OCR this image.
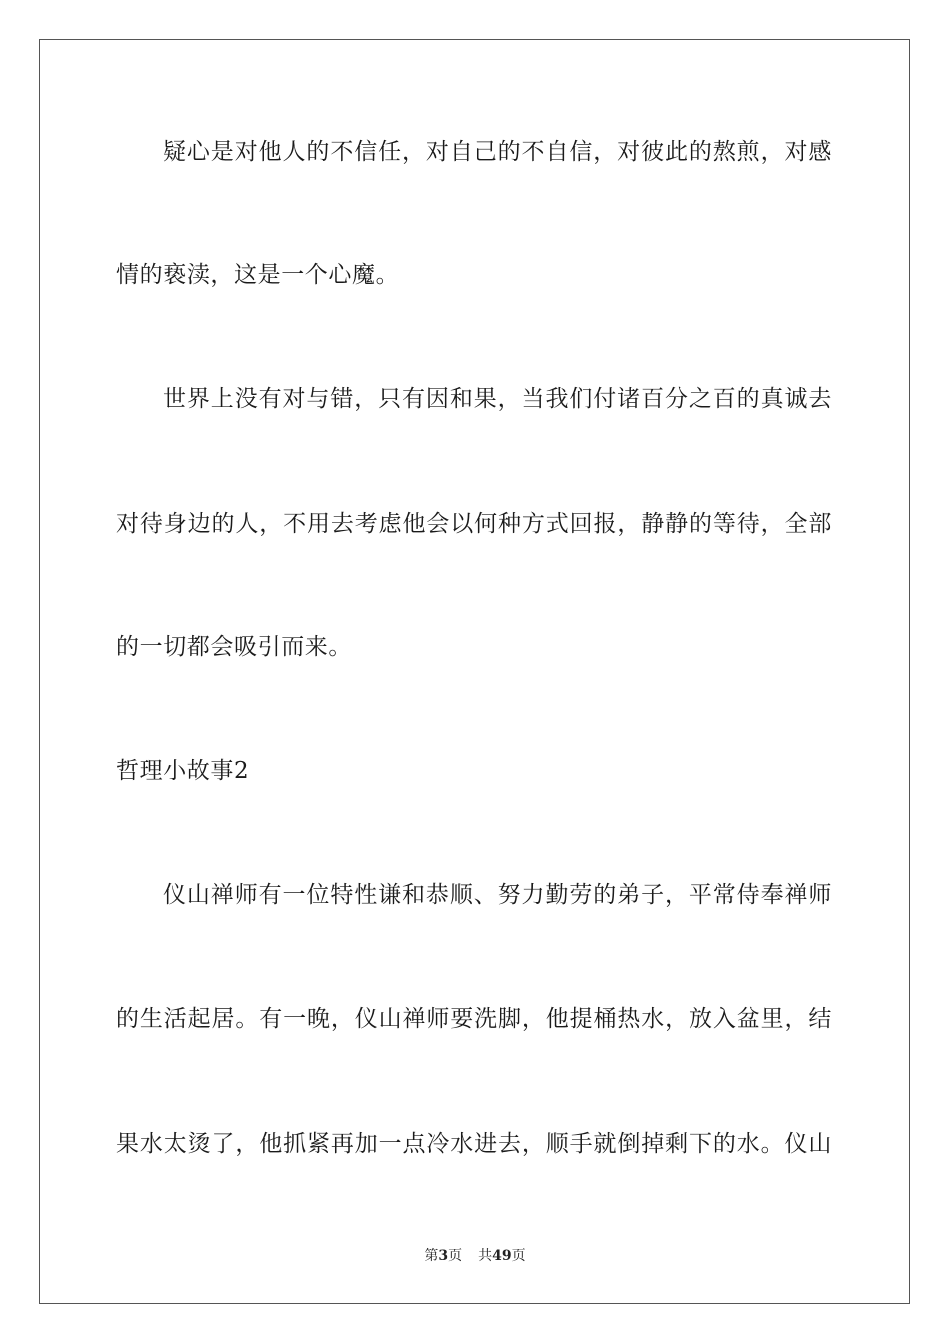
疑心是对他人的不信任，对自己的不自信，对彼此的熬煎，对感
情的亵渎，这是一个心魔。
世界上没有对与错，只有因和果，当我们付诸百分之百的真诚去
对待身边的人，不用去考虑他会以何种方式回报，静静的等待，全部
的一切都会吸引而来。
哲理小故事2
仪山禅师有一位特性谦和恭顺、努力勤劳的弟子，平常侍奉禅师
的生活起居。有一晚，仪山禅师要洗脚，他提桶热水，放入盆里，结
果水太烫了，他抓紧再加一点冷水进去，顺手就倒掉剩下的水。仪山
第3页 共49页
